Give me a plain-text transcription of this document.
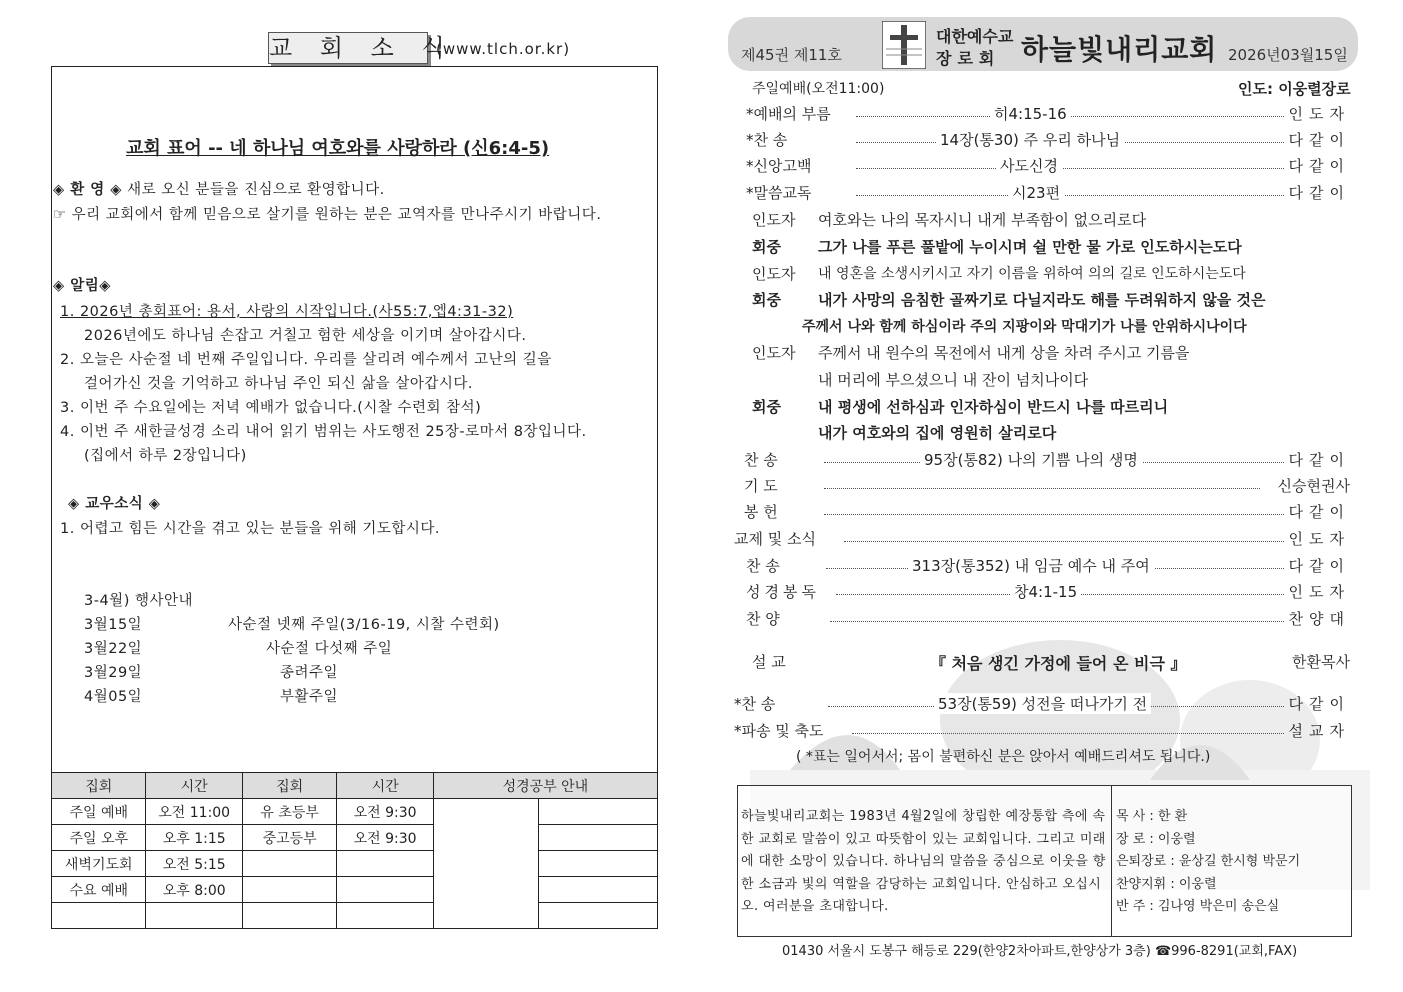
교 회 소 식
(www.tlch.or.kr)
교회 표어 -- 네 하나님 여호와를 사랑하라 (신6:4-5)
◈ 환 영 ◈ 새로 오신 분들을 진심으로 환영합니다.
☞ 우리 교회에서 함께 믿음으로 살기를 원하는 분은 교역자를 만나주시기 바랍니다.
◈ 알림◈
1. 2026년 총회표어: 용서, 사랑의 시작입니다.(사55:7,엡4:31-32)
2026년에도 하나님 손잡고 거칠고 험한 세상을 이기며 살아갑시다.
2. 오늘은 사순절 네 번째 주일입니다. 우리를 살리려 예수께서 고난의 길을
걸어가신 것을 기억하고 하나님 주인 되신 삶을 살아갑시다.
3. 이번 주 수요일에는 저녁 예배가 없습니다.(시찰 수련회 참석)
4. 이번 주 새한글성경 소리 내어 읽기 범위는 사도행전 25장-로마서 8장입니다.
(집에서 하루 2장입니다)
◈ 교우소식 ◈
1. 어렵고 힘든 시간을 겪고 있는 분들을 위해 기도합시다.
3-4월) 행사안내
3월15일	사순절 넷째 주일(3/16-19, 시찰 수련회)
3월22일	사순절 다섯째 주일
3월29일	종려주일
4월05일	부활주일
집회	시간	집회	시간	성경공부 안내	
주일 예배	오전 11:00	유 초등부	오전 9:30		
주일 오후	오후 1:15	중고등부	오전 9:30		
새벽기도회	오전 5:15				
수요 예배	오후 8:00				

제45권 제11호
대한예수교
장로회 하늘빛내리교회 2026년03월15일
주일예배(오전11:00)	인도: 이웅렬장로
*예배의 부름	히4:15-16	인도자
*찬 송	14장(통30) 주 우리 하나님	다같이
*신앙고백	사도신경	다같이
*말씀교독	시23편	다같이
인도자 여호와는 나의 목자시니 내게 부족함이 없으리로다
회중 그가 나를 푸른 풀밭에 누이시며 쉴 만한 물 가로 인도하시는도다
인도자 내 영혼을 소생시키시고 자기 이름을 위하여 의의 길로 인도하시는도다
회중 내가 사망의 음침한 골짜기로 다닐지라도 해를 두려워하지 않을 것은
주께서 나와 함께 하심이라 주의 지팡이와 막대기가 나를 안위하시나이다
인도자 주께서 내 원수의 목전에서 내게 상을 차려 주시고 기름을
내 머리에 부으셨으니 내 잔이 넘치나이다
회중 내 평생에 선하심과 인자하심이 반드시 나를 따르리니
내가 여호와의 집에 영원히 살리로다
찬 송	95장(통82) 나의 기쁨 나의 생명	다같이
기 도	신승현권사
봉 헌	다같이
교제 및 소식	인도자
찬 송	313장(통352) 내 임금 예수 내 주여	다같이
성경봉독	창4:1-15	인도자
찬 양	찬양대
설 교	『 처음 생긴 가정에 들어 온 비극 』	한환목사
*찬 송	53장(통59) 성전을 떠나가기 전	다같이
*파송 및 축도	설교자
( *표는 일어서서; 몸이 불편하신 분은 앉아서 예배드리셔도 됩니다.)
하늘빛내리교회는 1983년 4월2일에 창립한 예장통합 측에 속한 교회로 말씀이 있고 따뜻함이 있는 교회입니다. 그리고 미래에 대한 소망이 있습니다. 하나님의 말씀을 중심으로 이웃을 향한 소금과 빛의 역할을 감당하는 교회입니다. 안심하고 오십시오. 여러분을 초대합니다.
목 사 : 한 환
장 로 : 이웅렬
은퇴장로 : 윤상길 한시형 박문기
찬양지휘 : 이웅렬
반 주 : 김나영 박은미 송은실
01430 서울시 도봉구 해등로 229(한양2차아파트,한양상가 3층) ☎996-8291(교회,FAX)
